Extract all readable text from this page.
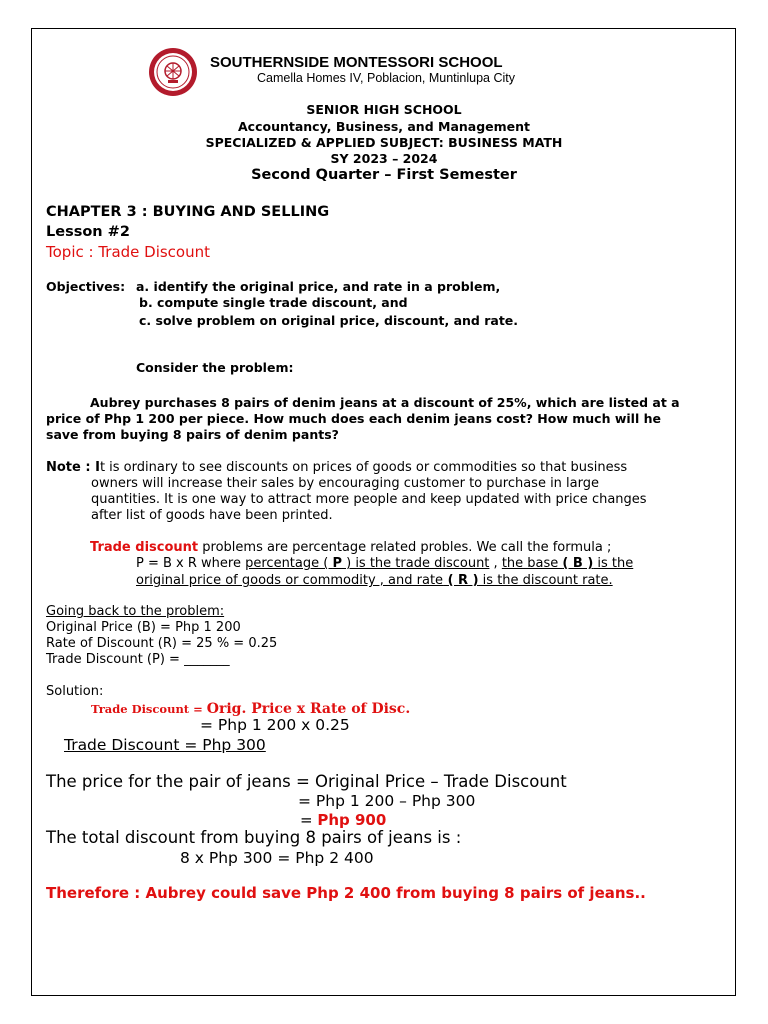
SOUTHERNSIDE MONTESSORI SCHOOL
Camella Homes IV, Poblacion, Muntinlupa City
SENIOR HIGH SCHOOL
Accountancy, Business, and Management
SPECIALIZED & APPLIED SUBJECT: BUSINESS MATH
SY 2023 – 2024
Second Quarter – First Semester
CHAPTER 3 : BUYING AND SELLING
Lesson #2
Topic : Trade Discount
Objectives: a. identify the original price, and rate in a problem,
b. compute single trade discount, and
c. solve problem on original price, discount, and rate.
Consider the problem:
Aubrey purchases 8 pairs of denim jeans at a discount of 25%, which are listed at a
price of Php 1 200 per piece. How much does each denim jeans cost? How much will he
save from buying 8 pairs of denim pants?
Note : It is ordinary to see discounts on prices of goods or commodities so that business
owners will increase their sales by encouraging customer to purchase in large
quantities. It is one way to attract more people and keep updated with price changes
after list of goods have been printed.
Trade discount problems are percentage related probles. We call the formula ;
P = B x R where percentage ( P ) is the trade discount , the base ( B ) is the
original price of goods or commodity , and rate ( R ) is the discount rate.
Going back to the problem:
Original Price (B) = Php 1 200
Rate of Discount (R) = 25 % = 0.25
Trade Discount (P) = _______
Solution:
Trade Discount = Orig. Price x Rate of Disc.
= Php 1 200 x 0.25
Trade Discount = Php 300
The price for the pair of jeans = Original Price – Trade Discount
= Php 1 200 – Php 300
= Php 900
The total discount from buying 8 pairs of jeans is :
8 x Php 300 = Php 2 400
Therefore : Aubrey could save Php 2 400 from buying 8 pairs of jeans..
